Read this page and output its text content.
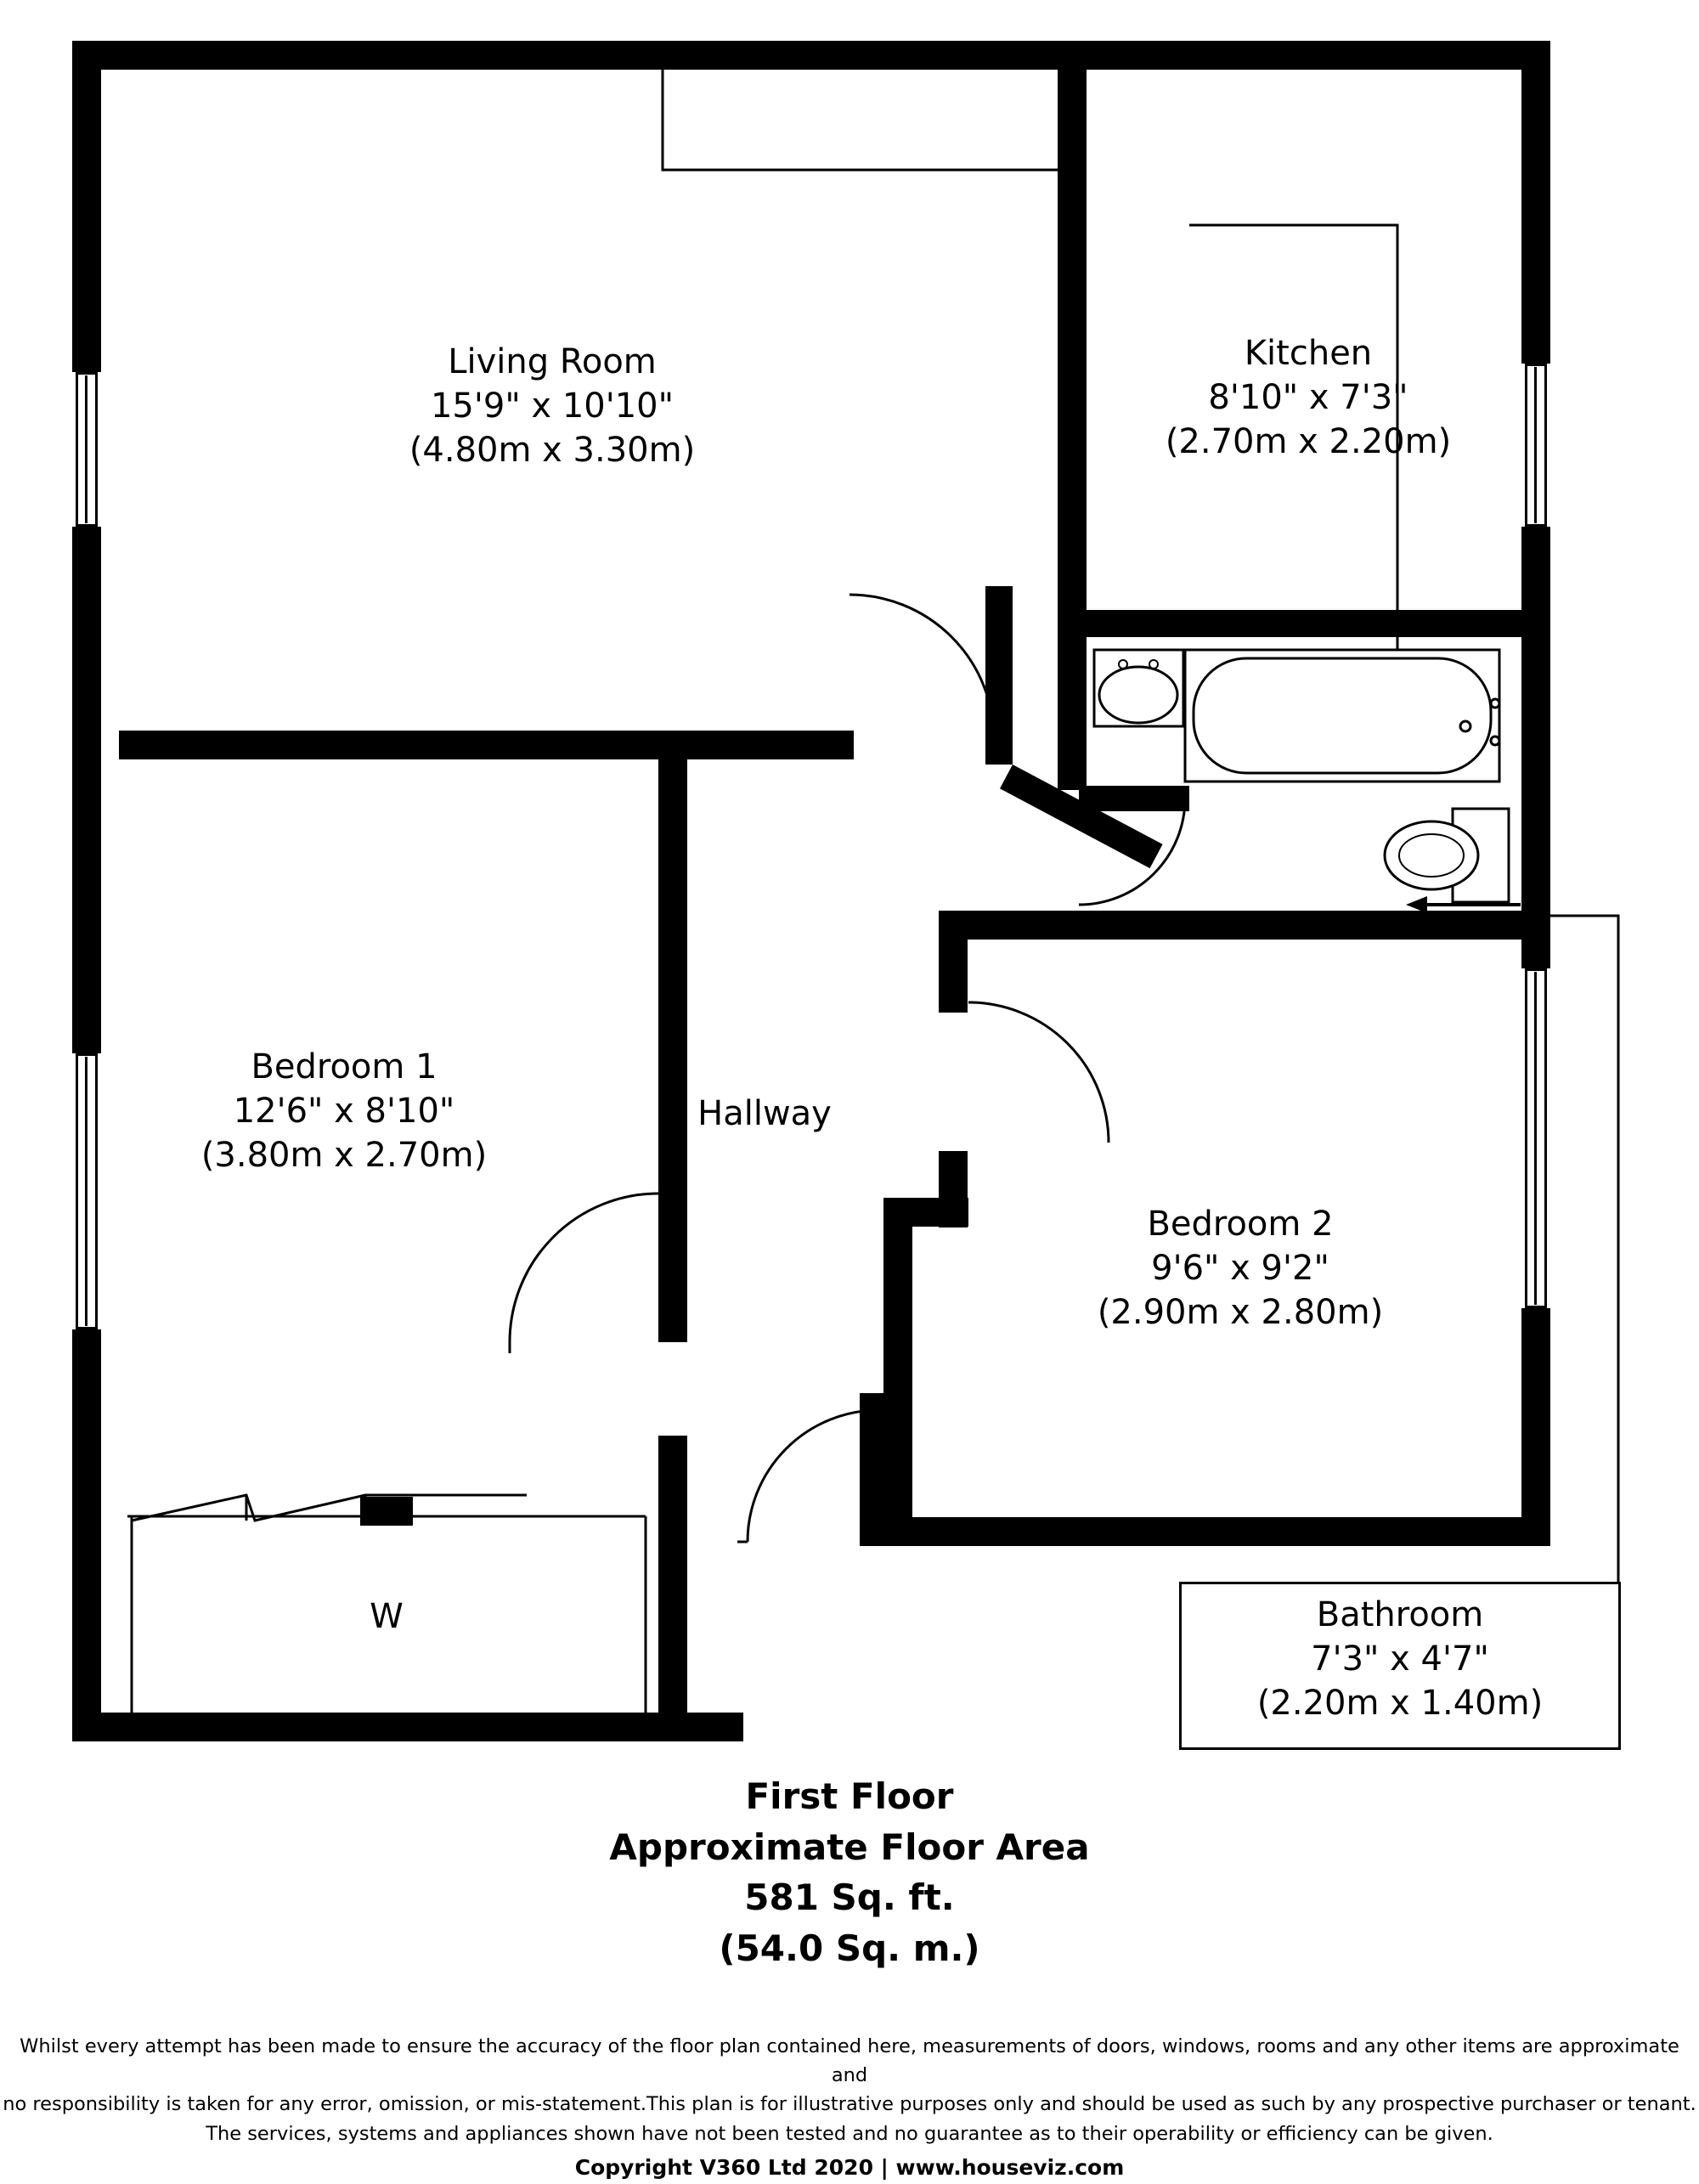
Living Room
15'9" x 10'10"
(4.80m x 3.30m)
Kitchen
8'10" x 7'3"
(2.70m x 2.20m)
Bedroom 1
12'6" x 8'10"
(3.80m x 2.70m)
Bedroom 2
9'6" x 9'2"
(2.90m x 2.80m)
Hallway
W	Bathroom
7'3" x 4'7"
(2.20m x 1.40m)
First Floor
Approximate Floor Area
581 Sq. ft.
(54.0 Sq. m.)
Whilst every attempt has been made to ensure the accuracy of the floor plan contained here, measurements of doors, windows, rooms and any other items are approximate and
no responsibility is taken for any error, omission, or mis-statement.This plan is for illustrative purposes only and should be used as such by any prospective purchaser or tenant.
The services, systems and appliances shown have not been tested and no guarantee as to their operability or efficiency can be given.
Copyright V360 Ltd 2020 | www.houseviz.com
